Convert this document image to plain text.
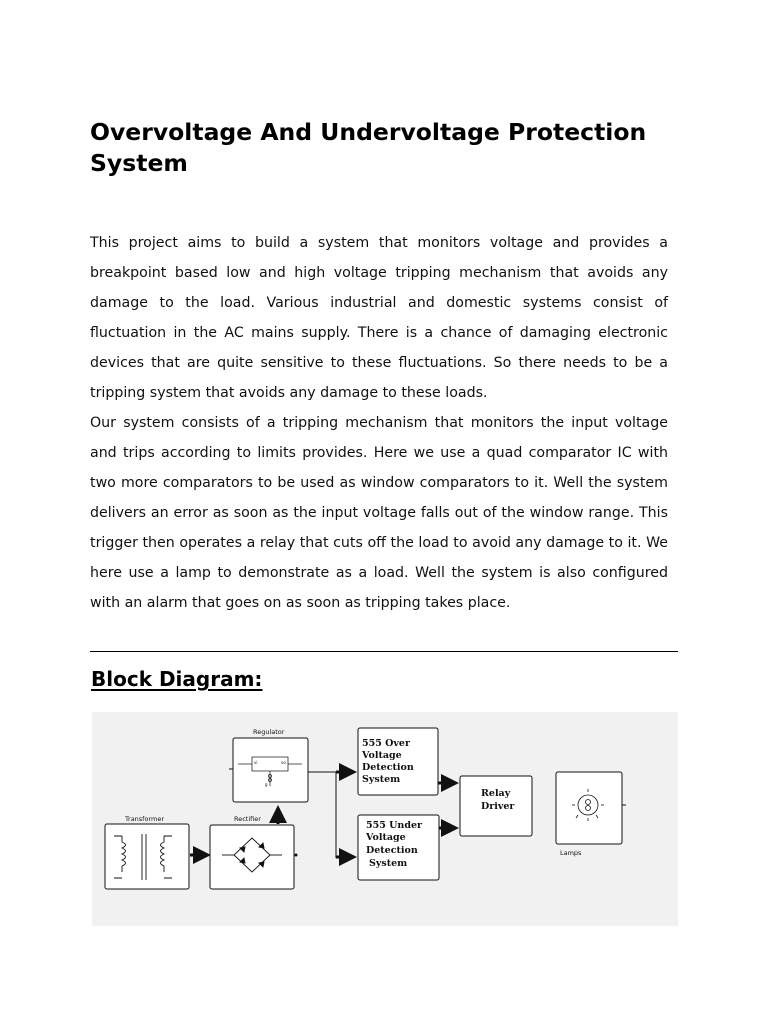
Overvoltage And Undervoltage Protection System

This project aims to build a system that monitors voltage and provides a breakpoint based low and high voltage tripping mechanism that avoids any damage to the load. Various industrial and domestic systems consist of fluctuation in the AC mains supply. There is a chance of damaging electronic devices that are quite sensitive to these fluctuations. So there needs to be a tripping system that avoids any damage to these loads.

Our system consists of a tripping mechanism that monitors the input voltage and trips according to limits provides. Here we use a quad comparator IC with two more comparators to be used as window comparators to it. Well the system delivers an error as soon as the input voltage falls out of the window range. This trigger then operates a relay that cuts off the load to avoid any damage to it. We here use a lamp to demonstrate as a load. Well the system is also configured with an alarm that goes on as soon as tripping takes place.

Block Diagram:
Transformer	Rectifier
Regulator
vi	vo
g
555 Over
Voltage
Detection
System
555 Under
Voltage
Detection
System
Relay
Driver
Lamps
